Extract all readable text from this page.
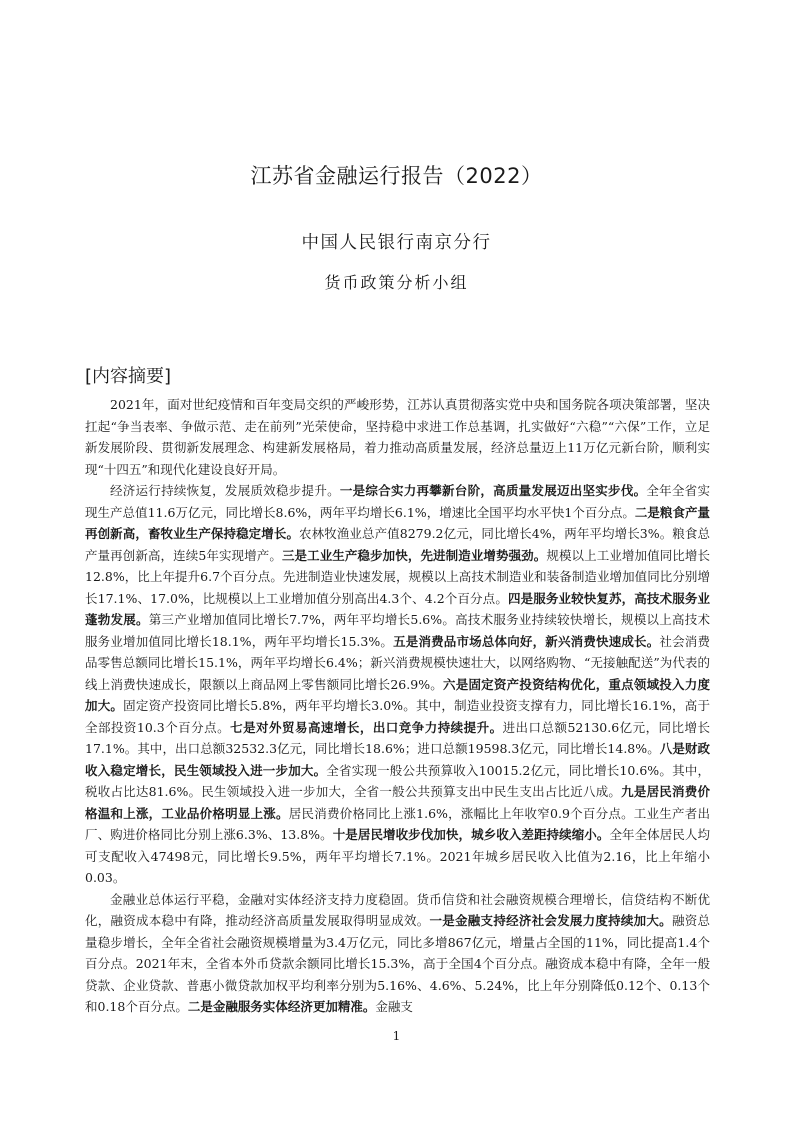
江苏省金融运行报告（2022）
中国人民银行南京分行
货币政策分析小组
[内容摘要]

2021年，面对世纪疫情和百年变局交织的严峻形势，江苏认真贯彻落实党中央和国务院各项决策部署，坚决扛起“争当表率、争做示范、走在前列”光荣使命，坚持稳中求进工作总基调，扎实做好“六稳”“六保”工作，立足新发展阶段、贯彻新发展理念、构建新发展格局，着力推动高质量发展，经济总量迈上11万亿元新台阶，顺利实现“十四五”和现代化建设良好开局。

经济运行持续恢复，发展质效稳步提升。一是综合实力再攀新台阶，高质量发展迈出坚实步伐。全年全省实现生产总值11.6万亿元，同比增长8.6%，两年平均增长6.1%，增速比全国平均水平快1个百分点。二是粮食产量再创新高，畜牧业生产保持稳定增长。农林牧渔业总产值8279.2亿元，同比增长4%，两年平均增长3%。粮食总产量再创新高，连续5年实现增产。三是工业生产稳步加快，先进制造业增势强劲。规模以上工业增加值同比增长12.8%，比上年提升6.7个百分点。先进制造业快速发展，规模以上高技术制造业和装备制造业增加值同比分别增长17.1%、17.0%，比规模以上工业增加值分别高出4.3个、4.2个百分点。四是服务业较快复苏，高技术服务业蓬勃发展。第三产业增加值同比增长7.7%，两年平均增长5.6%。高技术服务业持续较快增长，规模以上高技术服务业增加值同比增长18.1%，两年平均增长15.3%。五是消费品市场总体向好，新兴消费快速成长。社会消费品零售总额同比增长15.1%，两年平均增长6.4%；新兴消费规模快速壮大，以网络购物、“无接触配送”为代表的线上消费快速成长，限额以上商品网上零售额同比增长26.9%。六是固定资产投资结构优化，重点领域投入力度加大。固定资产投资同比增长5.8%，两年平均增长3.0%。其中，制造业投资支撑有力，同比增长16.1%，高于全部投资10.3个百分点。七是对外贸易高速增长，出口竞争力持续提升。进出口总额52130.6亿元，同比增长17.1%。其中，出口总额32532.3亿元，同比增长18.6%；进口总额19598.3亿元，同比增长14.8%。八是财政收入稳定增长，民生领域投入进一步加大。全省实现一般公共预算收入10015.2亿元，同比增长10.6%。其中，税收占比达81.6%。民生领域投入进一步加大，全省一般公共预算支出中民生支出占比近八成。九是居民消费价格温和上涨，工业品价格明显上涨。居民消费价格同比上涨1.6%，涨幅比上年收窄0.9个百分点。工业生产者出厂、购进价格同比分别上涨6.3%、13.8%。十是居民增收步伐加快，城乡收入差距持续缩小。全年全体居民人均可支配收入47498元，同比增长9.5%，两年平均增长7.1%。2021年城乡居民收入比值为2.16，比上年缩小0.03。

金融业总体运行平稳，金融对实体经济支持力度稳固。货币信贷和社会融资规模合理增长，信贷结构不断优化，融资成本稳中有降，推动经济高质量发展取得明显成效。一是金融支持经济社会发展力度持续加大。融资总量稳步增长，全年全省社会融资规模增量为3.4万亿元，同比多增867亿元，增量占全国的11%，同比提高1.4个百分点。2021年末，全省本外币贷款余额同比增长15.3%，高于全国4个百分点。融资成本稳中有降，全年一般贷款、企业贷款、普惠小微贷款加权平均利率分别为5.16%、4.6%、5.24%，比上年分别降低0.12个、0.13个和0.18个百分点。二是金融服务实体经济更加精准。金融支

1
